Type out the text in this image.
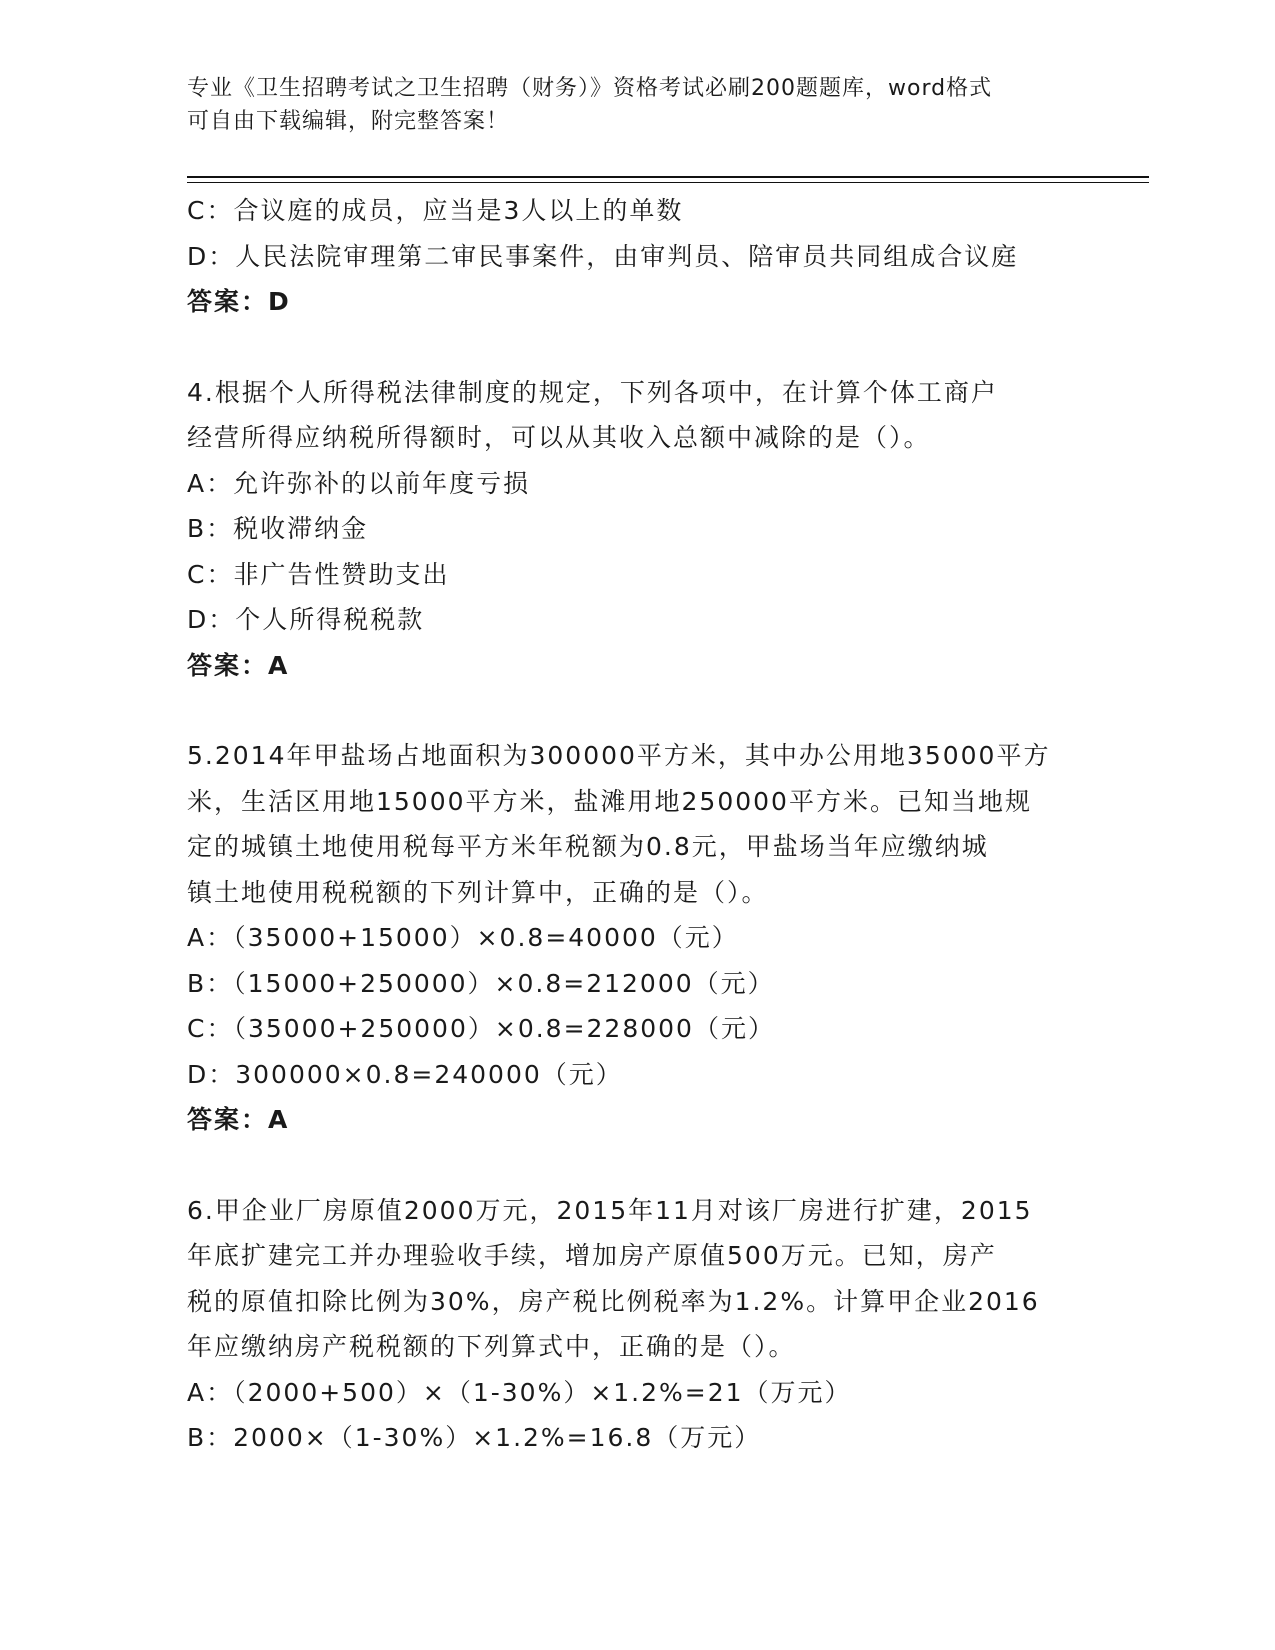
专业《卫生招聘考试之卫生招聘（财务）》资格考试必刷200题题库，word格式
可自由下载编辑，附完整答案！
C：合议庭的成员，应当是3人以上的单数
D：人民法院审理第二审民事案件，由审判员、陪审员共同组成合议庭
答案：D
4.根据个人所得税法律制度的规定，下列各项中，在计算个体工商户
经营所得应纳税所得额时，可以从其收入总额中减除的是（）。
A：允许弥补的以前年度亏损
B：税收滞纳金
C：非广告性赞助支出
D：个人所得税税款
答案：A
5.2014年甲盐场占地面积为300000平方米，其中办公用地35000平方
米，生活区用地15000平方米，盐滩用地250000平方米。已知当地规
定的城镇土地使用税每平方米年税额为0.8元，甲盐场当年应缴纳城
镇土地使用税税额的下列计算中，正确的是（）。
A：（35000+15000）×0.8=40000（元）
B：（15000+250000）×0.8=212000（元）
C：（35000+250000）×0.8=228000（元）
D：300000×0.8=240000（元）
答案：A
6.甲企业厂房原值2000万元，2015年11月对该厂房进行扩建，2015
年底扩建完工并办理验收手续，增加房产原值500万元。已知，房产
税的原值扣除比例为30%，房产税比例税率为1.2%。计算甲企业2016
年应缴纳房产税税额的下列算式中，正确的是（）。
A：（2000+500）×（1-30%）×1.2%=21（万元）
B：2000×（1-30%）×1.2%=16.8（万元）
